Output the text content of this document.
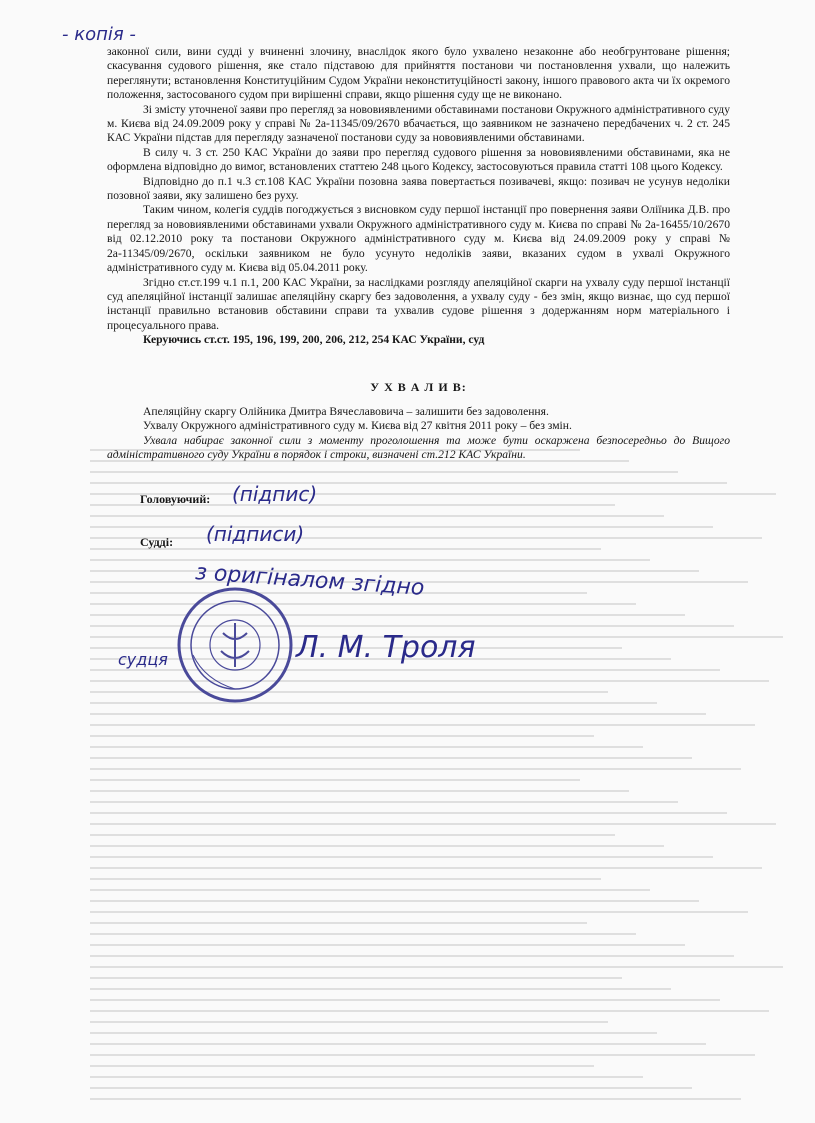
- копія -

законної сили, вини судді у вчиненні злочину, внаслідок якого було ухвалено незаконне або необгрунтоване рішення; скасування судового рішення, яке стало підставою для прийняття постанови чи постановлення ухвали, що належить переглянути; встановлення Конституційним Судом України неконституційності закону, іншого правового акта чи їх окремого положення, застосованого судом при вирішенні справи, якщо рішення суду ще не виконано.

Зі змісту уточненої заяви про перегляд за нововиявленими обставинами постанови Окружного адміністративного суду м. Києва від 24.09.2009 року у справі № 2а-11345/09/2670 вбачається, що заявником не зазначено передбачених ч. 2 ст. 245 КАС України підстав для перегляду зазначеної постанови суду за нововиявленими обставинами.

В силу ч. 3 ст. 250 КАС України до заяви про перегляд судового рішення за нововиявленими обставинами, яка не оформлена відповідно до вимог, встановлених статтею 248 цього Кодексу, застосовуються правила статті 108 цього Кодексу.

Відповідно до п.1 ч.3 ст.108 КАС України позовна заява повертається позивачеві, якщо: позивач не усунув недоліки позовної заяви, яку залишено без руху.

Таким чином, колегія суддів погоджується з висновком суду першої інстанції про повернення заяви Оліїника Д.В. про перегляд за нововиявленими обставинами ухвали Окружного адміністративного суду м. Києва по справі № 2а-16455/10/2670 від 02.12.2010 року та постанови Окружного адміністративного суду м. Києва від 24.09.2009 року у справі № 2а-11345/09/2670, оскільки заявником не було усунуто недоліків заяви, вказаних судом в ухвалі Окружного адміністративного суду м. Києва від 05.04.2011 року.

Згідно ст.ст.199 ч.1 п.1, 200 КАС України, за наслідками розгляду апеляційної скарги на ухвалу суду першої інстанції суд апеляційної інстанції залишає апеляційну скаргу без задоволення, а ухвалу суду - без змін, якщо визнає, що суд першої інстанції правильно встановив обставини справи та ухвалив судове рішення з додержанням норм матеріального і процесуального права.

Керуючись ст.ст. 195, 196, 199, 200, 206, 212, 254 КАС України, суд

У Х В А Л И В:

Апеляційну скаргу Олійника Дмитра Вячеславовича – залишити без задоволення.

Ухвалу Окружного адміністративного суду м. Києва від 27 квітня 2011 року – без змін.

Ухвала набирає законної сили з моменту проголошення та може бути оскаржена безпосередньо до Вищого адміністративного суду України в порядок і строки, визначені ст.212 КАС України.

Головуючий: (підпис)
Судді: (підписи)
з оригіналом згідно
судця	Л. М. Троля
